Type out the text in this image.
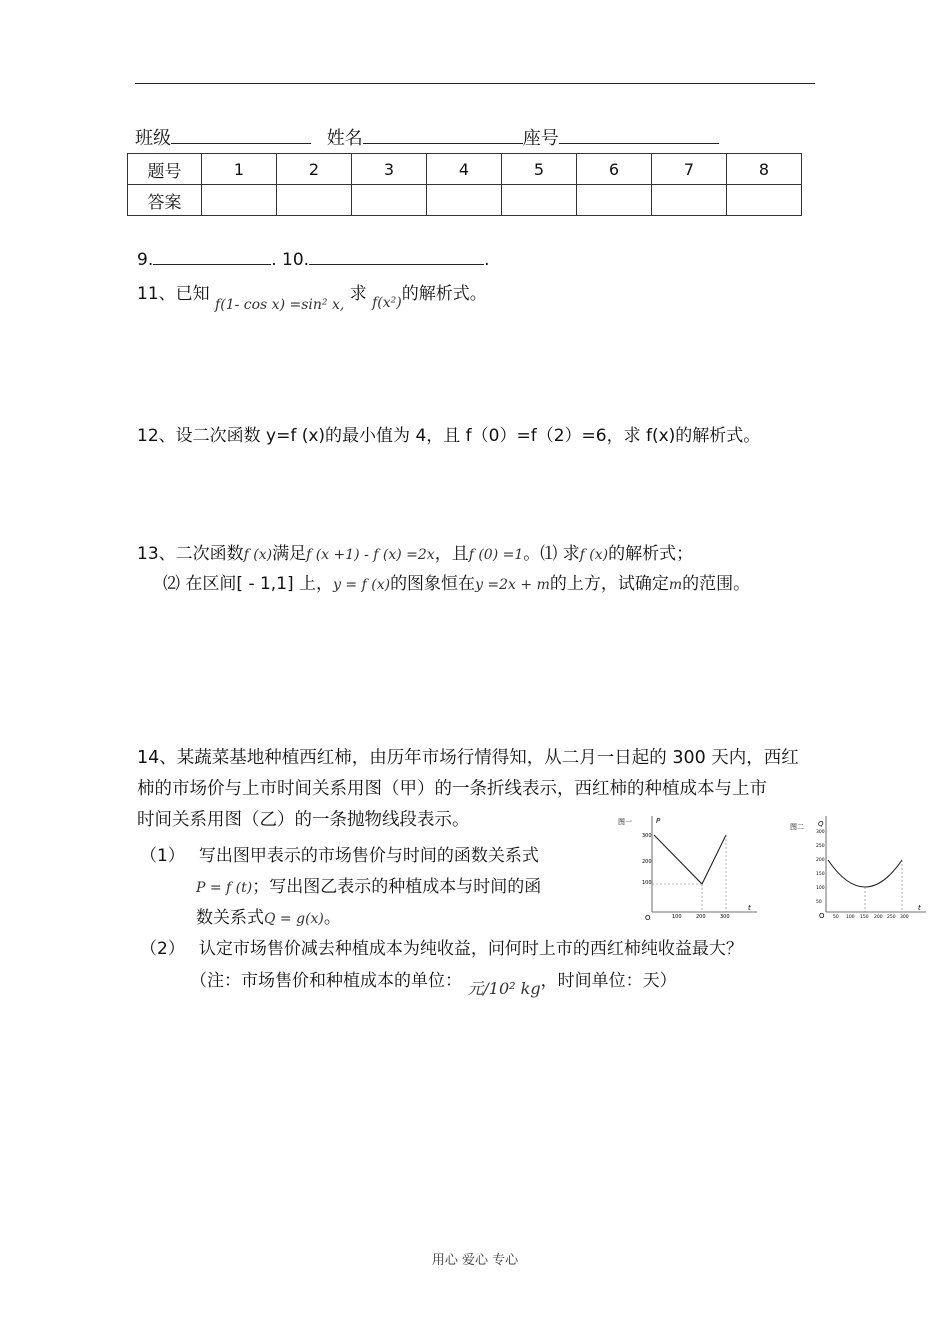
班级	姓名	座号
题号	1	2	3	4	5	6	7	8
答案								
9.	. 10.	.
11、已知 $_{f(1- cos x) =sin^2 x,}$ 求 $_{f(x^2)}$的解析式。
12、设二次函数 y=f (x)的最小值为 4，且 f（0）=f（2）=6，求 f(x)的解析式。
13、二次函数f (x)满足f (x +1) - f (x) =2x，且f (0) =1。⑴ 求f (x)的解析式；
⑵ 在区间[ - 1,1] 上，y = f (x)的图象恒在y =2x + m的上方，试确定m的范围。
14、某蔬菜基地种植西红柿，由历年市场行情得知，从二月一日起的 300 天内，西红
柿的市场价与上市时间关系用图（甲）的一条折线表示，西红柿的种植成本与上市
时间关系用图（乙）的一条抛物线段表示。
（1） 写出图甲表示的市场售价与时间的函数关系式
P = f (t)；写出图乙表示的种植成本与时间的函
数关系式Q = g(x)。
（2） 认定市场售价减去种植成本为纯收益，问何时上市的西红柿纯收益最大？
（注：市场售价和种植成本的单位： 元/10² kg，时间单位：天）
图一	P
t
O
300
200
100
100	200	300
图二 Q
t
O
300
250
200
150
100
50
50 100 150 200 250 300
用心 爱心 专心
